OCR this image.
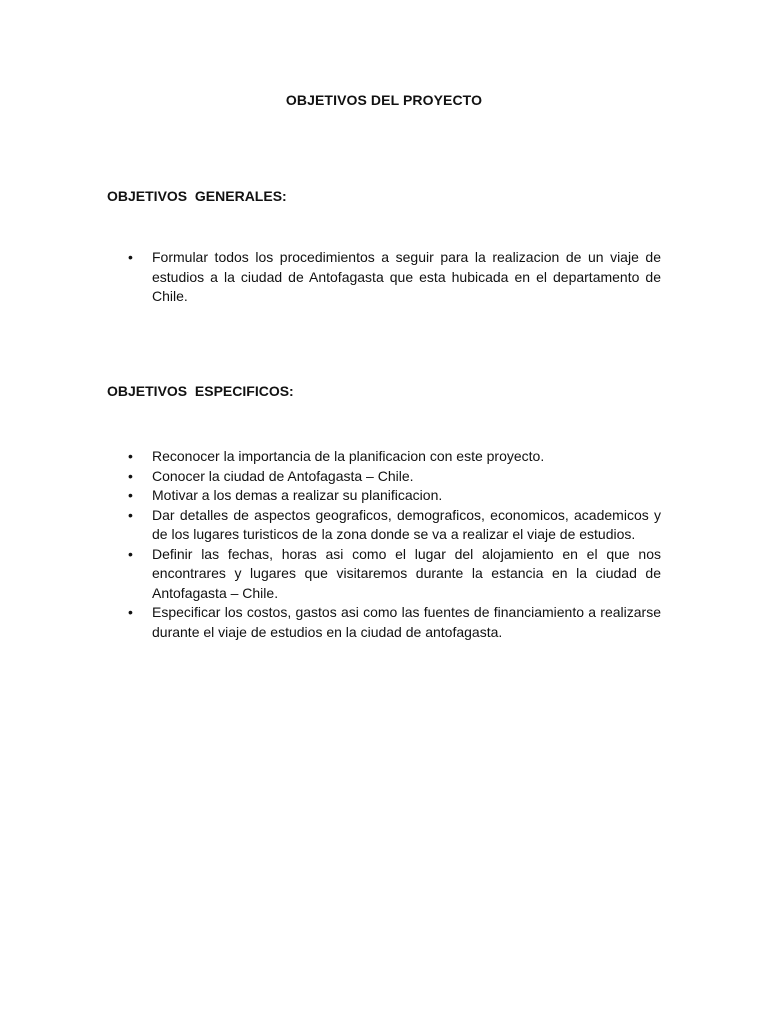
OBJETIVOS DEL PROYECTO
OBJETIVOS  GENERALES:
• Formular todos los procedimientos a seguir para la realizacion de un viaje de estudios a la ciudad de Antofagasta que esta hubicada en el departamento de Chile.
OBJETIVOS  ESPECIFICOS:
• Reconocer la importancia de la planificacion con este proyecto.
• Conocer la ciudad de Antofagasta – Chile.
• Motivar a los demas a realizar su planificacion.
• Dar detalles de aspectos geograficos, demograficos, economicos, academicos y de los lugares turisticos de la zona donde se va a realizar el viaje de estudios.
• Definir las fechas, horas asi como el lugar del alojamiento en el que nos encontrares y lugares que visitaremos durante la estancia en la ciudad de Antofagasta – Chile.
• Especificar los costos, gastos asi como las fuentes de financiamiento a realizarse durante el viaje de estudios en la ciudad de antofagasta.
